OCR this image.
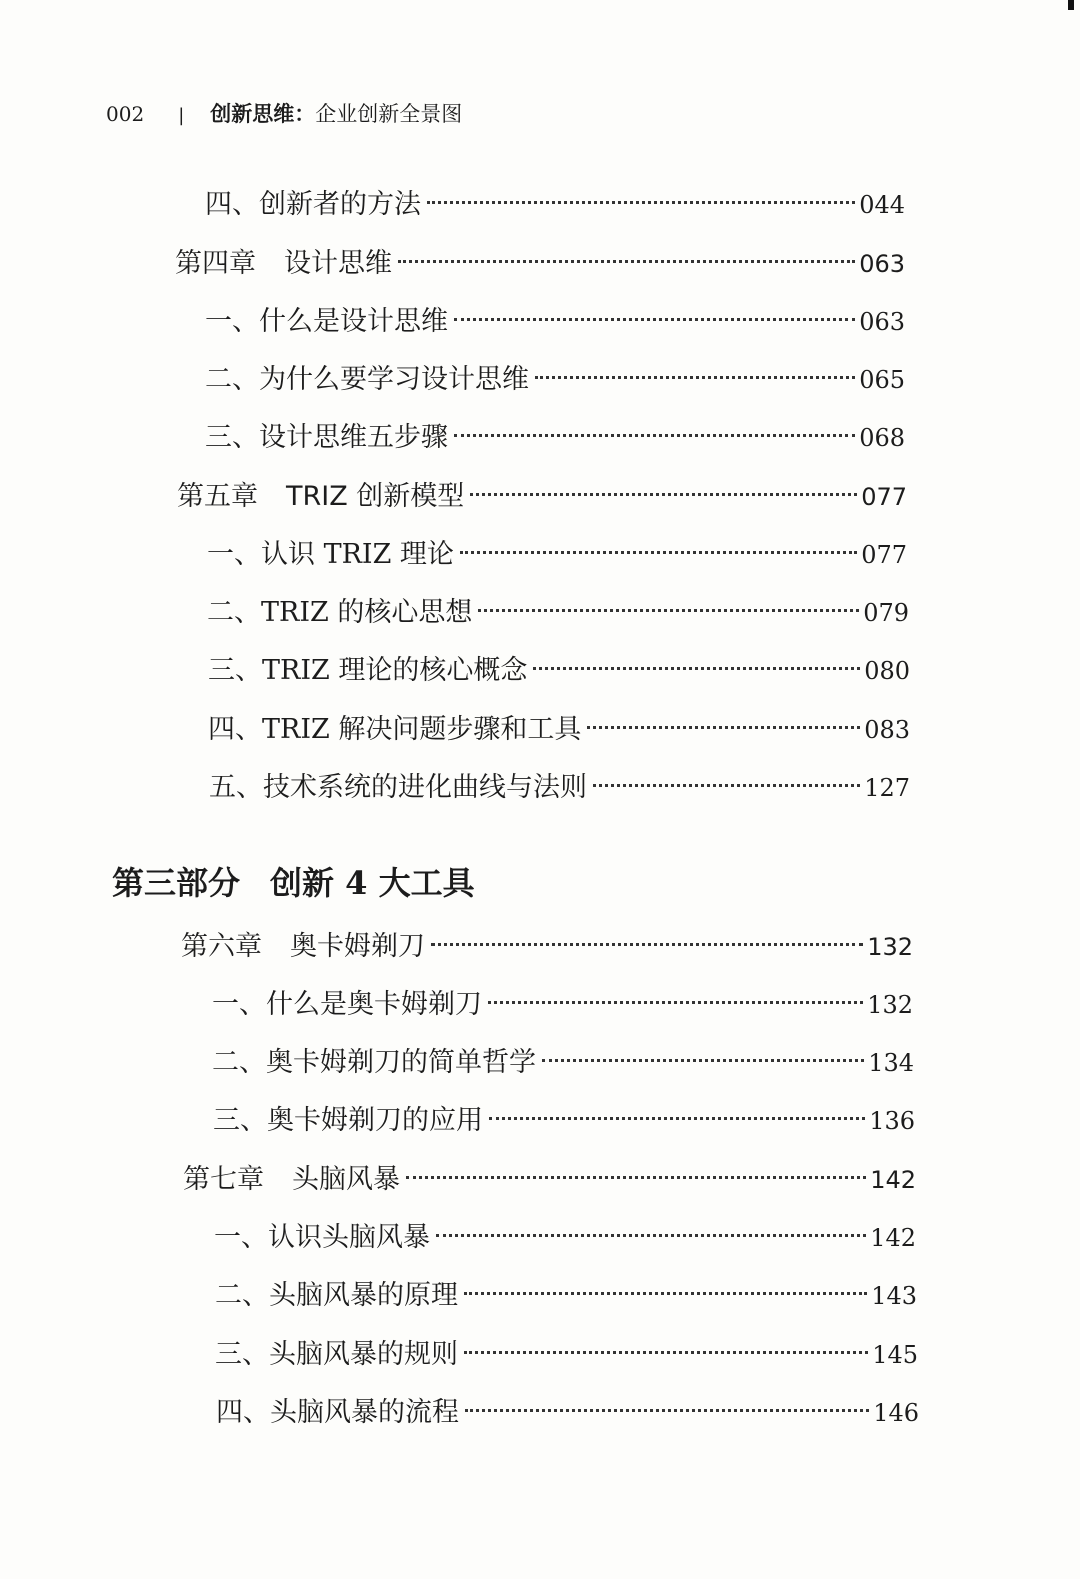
002 | 创新思维： 企业创新全景图
四、创新者的方法	044
第四章 设计思维	063
一、什么是设计思维	063
二、为什么要学习设计思维	065
三、设计思维五步骤	068
第五章 TRIZ 创新模型	077
一、认识 TRIZ 理论	077
二、TRIZ 的核心思想	079
三、TRIZ 理论的核心概念	080
四、TRIZ 解决问题步骤和工具	083
五、技术系统的进化曲线与法则	127
第三部分 创新 4 大工具
第六章 奥卡姆剃刀	132
一、什么是奥卡姆剃刀	132
二、奥卡姆剃刀的简单哲学	134
三、奥卡姆剃刀的应用	136
第七章 头脑风暴	142
一、认识头脑风暴	142
二、头脑风暴的原理	143
三、头脑风暴的规则	145
四、头脑风暴的流程	146
